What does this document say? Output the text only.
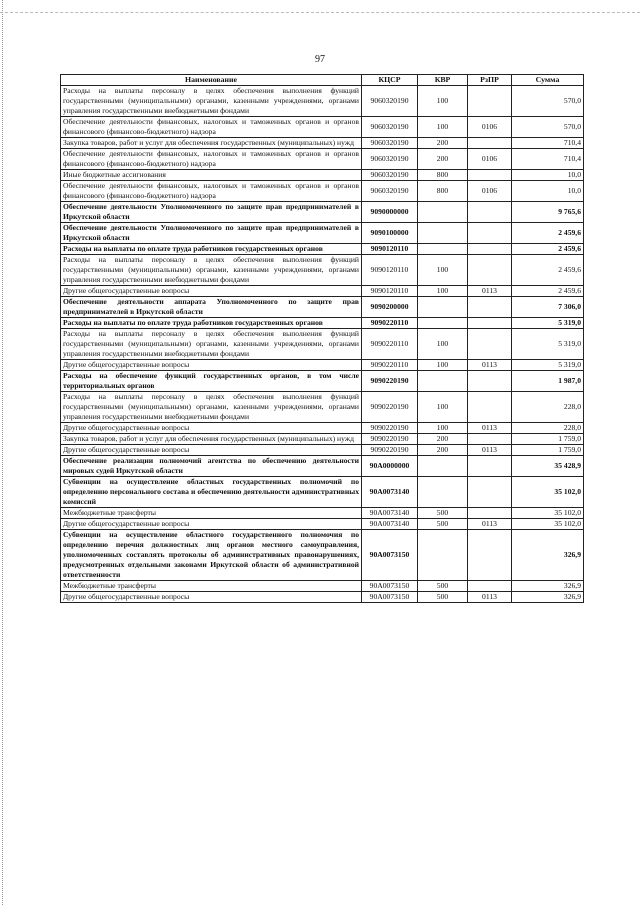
97
Наименование	КЦСР	КВР	РзПР	Сумма
Расходы на выплаты персоналу в целях обеспечения выполнения функций государственными (муниципальными) органами, казенными учреждениями, органами управления государственными внебюджетными фондами	9060320190	100		570,0
Обеспечение деятельности финансовых, налоговых и таможенных органов и органов финансового (финансово-бюджетного) надзора	9060320190	100	0106	570,0
Закупка товаров, работ и услуг для обеспечения государственных (муниципальных) нужд	9060320190	200		710,4
Обеспечение деятельности финансовых, налоговых и таможенных органов и органов финансового (финансово-бюджетного) надзора	9060320190	200	0106	710,4
Иные бюджетные ассигнования	9060320190	800		10,0
Обеспечение деятельности финансовых, налоговых и таможенных органов и органов финансового (финансово-бюджетного) надзора	9060320190	800	0106	10,0
Обеспечение деятельности Уполномоченного по защите прав предпринимателей в Иркутской области	9090000000			9 765,6
Обеспечение деятельности Уполномоченного по защите прав предпринимателей в Иркутской области	9090100000			2 459,6
Расходы на выплаты по оплате труда работников государственных органов	9090120110			2 459,6
Расходы на выплаты персоналу в целях обеспечения выполнения функций государственными (муниципальными) органами, казенными учреждениями, органами управления государственными внебюджетными фондами	9090120110	100		2 459,6
Другие общегосударственные вопросы	9090120110	100	0113	2 459,6
Обеспечение деятельности аппарата Уполномоченного по защите прав предпринимателей в Иркутской области	9090200000			7 306,0
Расходы на выплаты по оплате труда работников государственных органов	9090220110			5 319,0
Расходы на выплаты персоналу в целях обеспечения выполнения функций государственными (муниципальными) органами, казенными учреждениями, органами управления государственными внебюджетными фондами	9090220110	100		5 319,0
Другие общегосударственные вопросы	9090220110	100	0113	5 319,0
Расходы на обеспечение функций государственных органов, в том числе территориальных органов	9090220190			1 987,0
Расходы на выплаты персоналу в целях обеспечения выполнения функций государственными (муниципальными) органами, казенными учреждениями, органами управления государственными внебюджетными фондами	9090220190	100		228,0
Другие общегосударственные вопросы	9090220190	100	0113	228,0
Закупка товаров, работ и услуг для обеспечения государственных (муниципальных) нужд	9090220190	200		1 759,0
Другие общегосударственные вопросы	9090220190	200	0113	1 759,0
Обеспечение реализации полномочий агентства по обеспечению деятельности мировых судей Иркутской области	90А0000000			35 428,9
Субвенции на осуществление областных государственных полномочий по определению персонального состава и обеспечению деятельности административных комиссий	90А0073140			35 102,0
Межбюджетные трансферты	90А0073140	500		35 102,0
Другие общегосударственные вопросы	90А0073140	500	0113	35 102,0
Субвенции на осуществление областного государственного полномочия по определению перечня должностных лиц органов местного самоуправления, уполномоченных составлять протоколы об административных правонарушениях, предусмотренных отдельными законами Иркутской области об административной ответственности	90А0073150			326,9
Межбюджетные трансферты	90А0073150	500		326,9
Другие общегосударственные вопросы	90А0073150	500	0113	326,9
